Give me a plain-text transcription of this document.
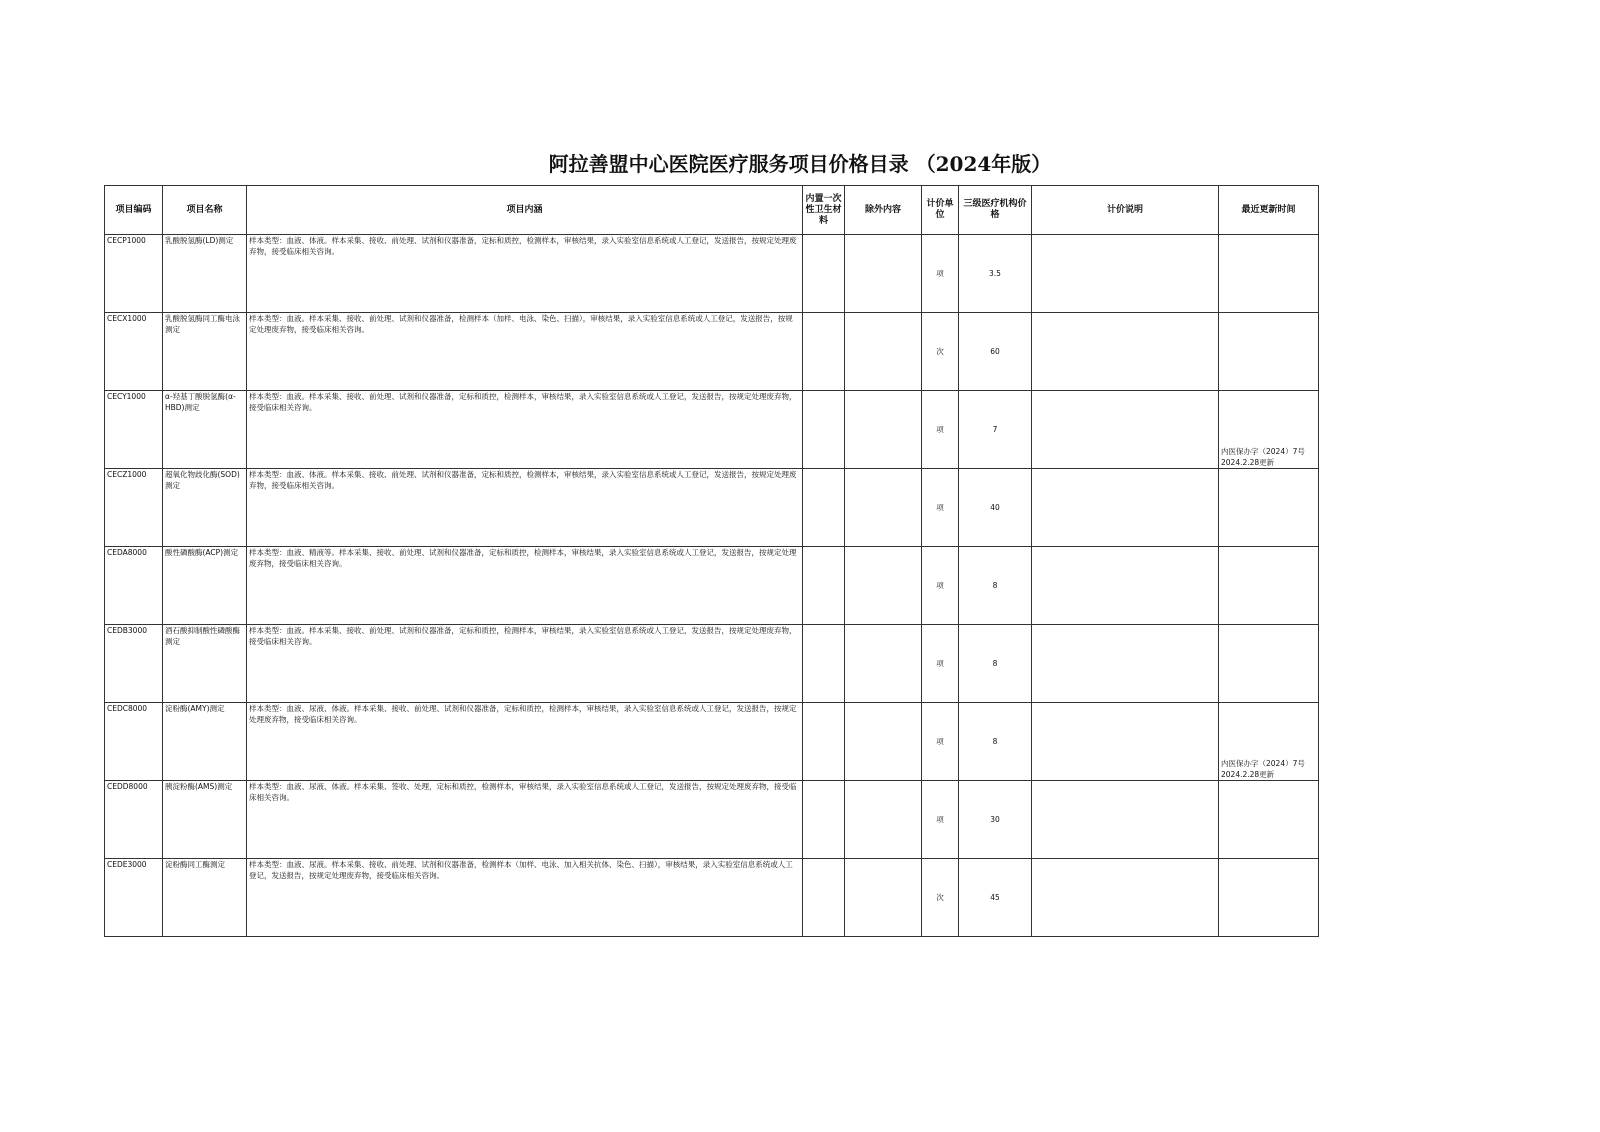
阿拉善盟中心医院医疗服务项目价格目录 （2024年版）
项目编码	项目名称	项目内涵	内置一次性卫生材料	除外内容	计价单位	三级医疗机构价格	计价说明	最近更新时间
CECP1000	乳酸脱氢酶(LD)测定	样本类型：血液、体液。样本采集、接收、前处理、试剂和仪器准备，定标和质控，检测样本，审核结果，录入实验室信息系统或人工登记，发送报告，按规定处理废弃物，接受临床相关咨询。			项	3.5		
CECX1000	乳酸脱氢酶同工酶电泳测定	样本类型：血液。样本采集、接收、前处理、试剂和仪器准备，检测样本（加样、电泳、染色、扫描），审核结果，录入实验室信息系统或人工登记，发送报告，按规定处理废弃物，接受临床相关咨询。			次	60		
CECY1000	α-羟基丁酸脱氢酶(α-HBD)测定	样本类型：血液。样本采集、接收、前处理、试剂和仪器准备，定标和质控，检测样本，审核结果，录入实验室信息系统或人工登记，发送报告，按规定处理废弃物，接受临床相关咨询。			项	7		内医保办字（2024）7号 2024.2.28更新
CECZ1000	超氧化物歧化酶(SOD)测定	样本类型：血液、体液。样本采集、接收、前处理、试剂和仪器准备，定标和质控，检测样本，审核结果，录入实验室信息系统或人工登记，发送报告，按规定处理废弃物，接受临床相关咨询。			项	40		
CEDA8000	酸性磷酸酶(ACP)测定	样本类型：血液、精液等。样本采集、接收、前处理、试剂和仪器准备，定标和质控，检测样本，审核结果，录入实验室信息系统或人工登记，发送报告，按规定处理废弃物，接受临床相关咨询。			项	8		
CEDB3000	酒石酸抑制酸性磷酸酶测定	样本类型：血液。样本采集、接收、前处理、试剂和仪器准备，定标和质控，检测样本，审核结果，录入实验室信息系统或人工登记，发送报告，按规定处理废弃物，接受临床相关咨询。			项	8		
CEDC8000	淀粉酶(AMY)测定	样本类型：血液、尿液、体液。样本采集、接收、前处理、试剂和仪器准备，定标和质控，检测样本，审核结果，录入实验室信息系统或人工登记，发送报告，按规定处理废弃物，接受临床相关咨询。			项	8		内医保办字（2024）7号 2024.2.28更新
CEDD8000	胰淀粉酶(AMS)测定	样本类型：血液、尿液、体液。样本采集、签收、处理，定标和质控，检测样本，审核结果，录入实验室信息系统或人工登记，发送报告，按规定处理废弃物，接受临床相关咨询。			项	30		
CEDE3000	淀粉酶同工酶测定	样本类型：血液、尿液。样本采集、接收、前处理、试剂和仪器准备，检测样本（加样、电泳、加入相关抗体、染色、扫描），审核结果，录入实验室信息系统或人工登记，发送报告，按规定处理废弃物，接受临床相关咨询。			次	45		
